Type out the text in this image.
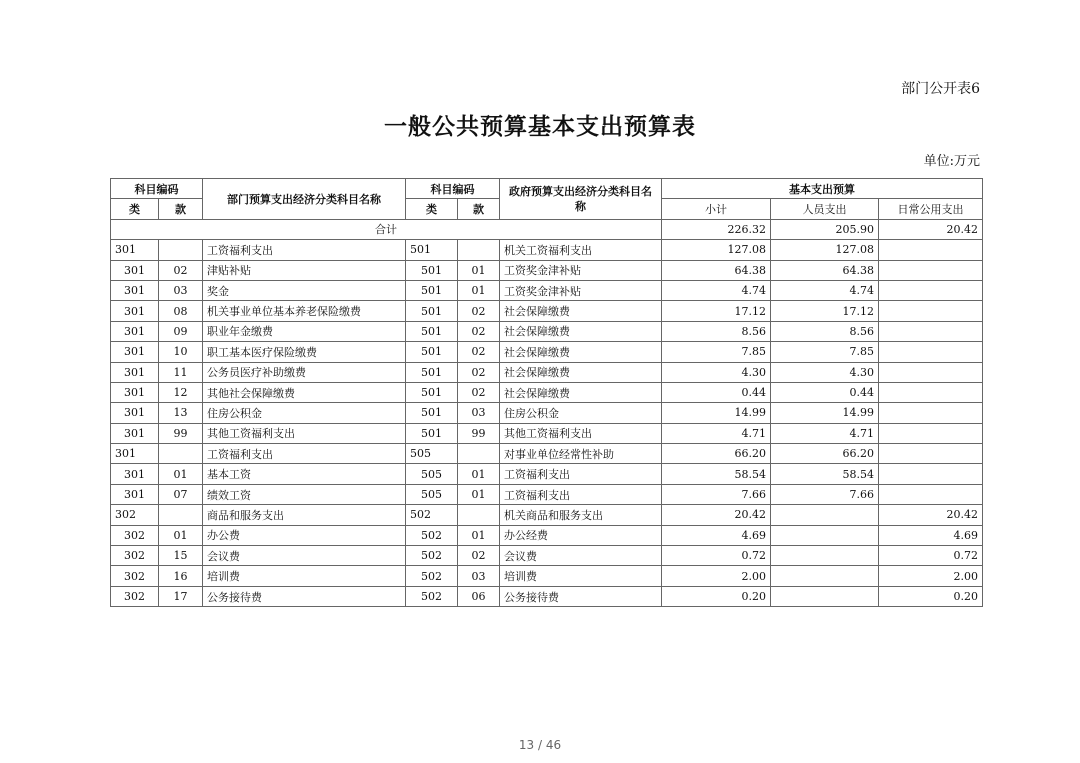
部门公开表6
一般公共预算基本支出预算表
单位:万元
科目编码		部门预算支出经济分类科目名称	科目编码		政府预算支出经济分类科目名称	基本支出预算		
类	款		类	款		小计	人员支出	日常公用支出
合计						226.32	205.90	20.42
301		工资福利支出	501		机关工资福利支出	127.08	127.08	
301	02	津贴补贴	501	01	工资奖金津补贴	64.38	64.38	
301	03	奖金	501	01	工资奖金津补贴	4.74	4.74	
301	08	机关事业单位基本养老保险缴费	501	02	社会保障缴费	17.12	17.12	
301	09	职业年金缴费	501	02	社会保障缴费	8.56	8.56	
301	10	职工基本医疗保险缴费	501	02	社会保障缴费	7.85	7.85	
301	11	公务员医疗补助缴费	501	02	社会保障缴费	4.30	4.30	
301	12	其他社会保障缴费	501	02	社会保障缴费	0.44	0.44	
301	13	住房公积金	501	03	住房公积金	14.99	14.99	
301	99	其他工资福利支出	501	99	其他工资福利支出	4.71	4.71	
301		工资福利支出	505		对事业单位经常性补助	66.20	66.20	
301	01	基本工资	505	01	工资福利支出	58.54	58.54	
301	07	绩效工资	505	01	工资福利支出	7.66	7.66	
302		商品和服务支出	502		机关商品和服务支出	20.42		20.42
302	01	办公费	502	01	办公经费	4.69		4.69
302	15	会议费	502	02	会议费	0.72		0.72
302	16	培训费	502	03	培训费	2.00		2.00
302	17	公务接待费	502	06	公务接待费	0.20		0.20
13 / 46
